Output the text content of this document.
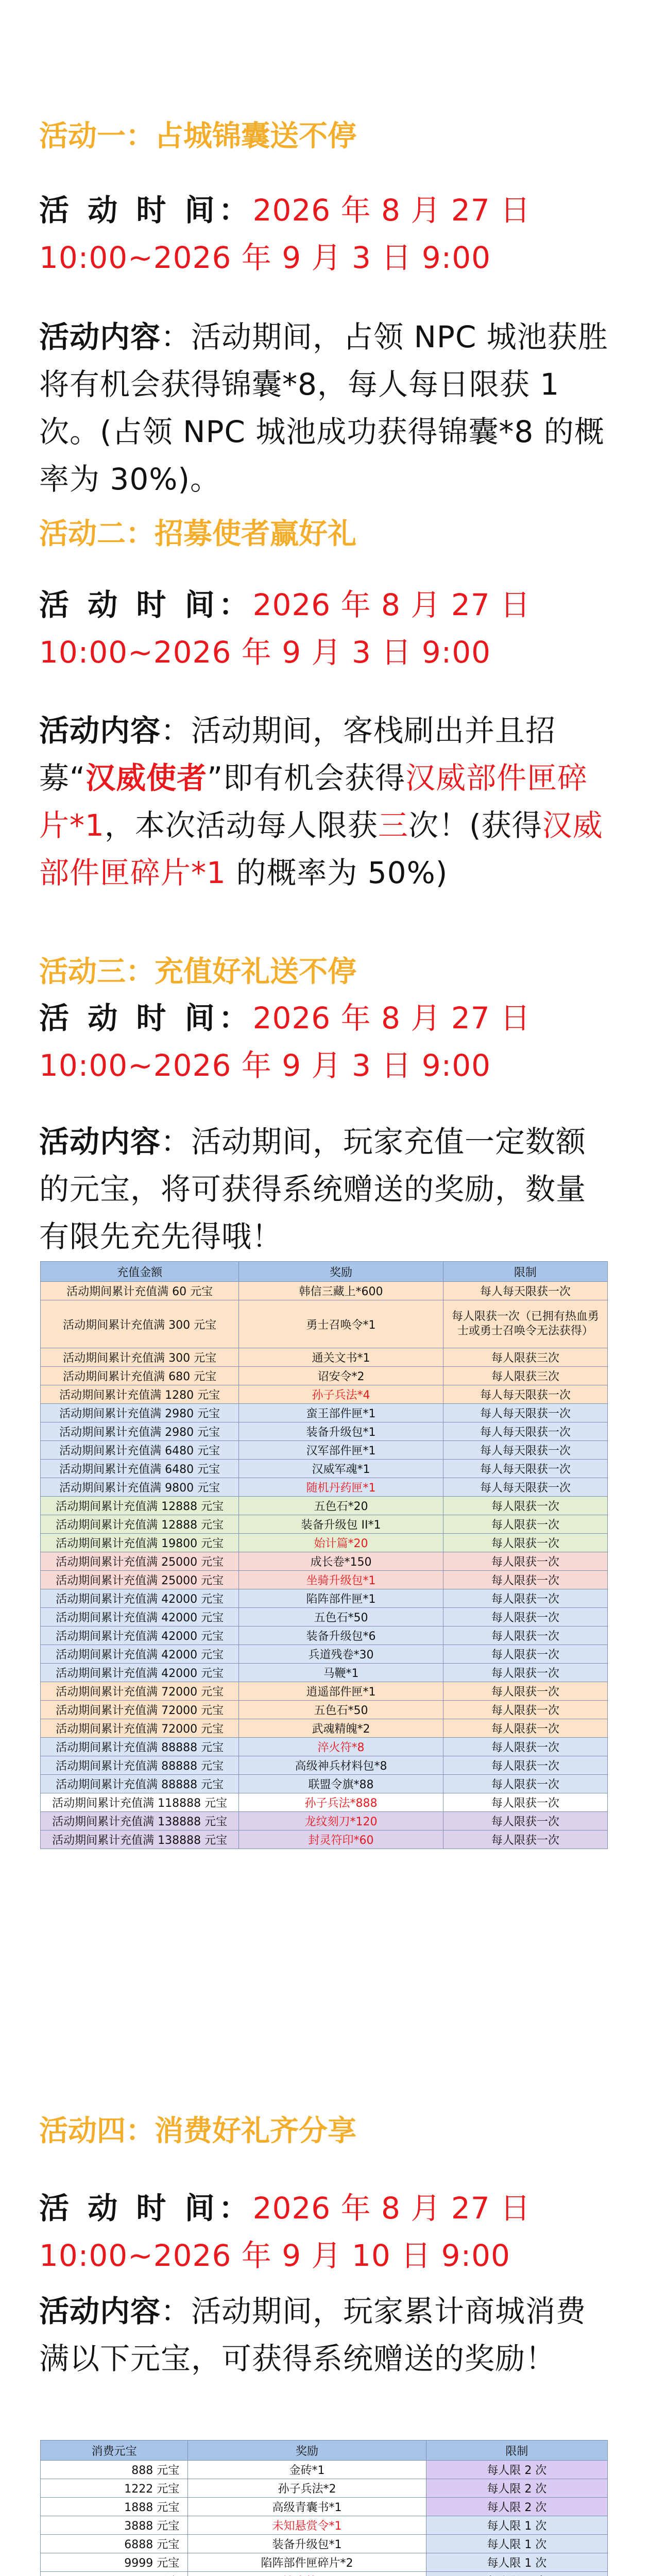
活动一：占城锦囊送不停

活 动 时 间：2026 年 8 月 27 日

10:00~2026 年 9 月 3 日 9:00

活动内容：活动期间，占领 NPC 城池获胜将有机会获得锦囊*8，每人每日限获 1 次。(占领 NPC 城池成功获得锦囊*8 的概率为 30%)。

活动二：招募使者赢好礼

活 动 时 间：2026 年 8 月 27 日

10:00~2026 年 9 月 3 日 9:00

活动内容：活动期间，客栈刷出并且招募“汉威使者”即有机会获得汉威部件匣碎片*1，本次活动每人限获三次！(获得汉威部件匣碎片*1 的概率为 50%)

活动三：充值好礼送不停

活 动 时 间：2026 年 8 月 27 日

10:00~2026 年 9 月 3 日 9:00

活动内容：活动期间，玩家充值一定数额的元宝，将可获得系统赠送的奖励，数量有限先充先得哦！

充值金额	奖励	限制
活动期间累计充值满 60 元宝	韩信三藏上*600	每人每天限获一次
活动期间累计充值满 300 元宝	勇士召唤令*1	每人限获一次（已拥有热血勇士或勇士召唤令无法获得）
活动期间累计充值满 300 元宝	通关文书*1	每人限获三次
活动期间累计充值满 680 元宝	诏安令*2	每人限获三次
活动期间累计充值满 1280 元宝	孙子兵法*4	每人每天限获一次
活动期间累计充值满 2980 元宝	蛮王部件匣*1	每人每天限获一次
活动期间累计充值满 2980 元宝	装备升级包*1	每人每天限获一次
活动期间累计充值满 6480 元宝	汉军部件匣*1	每人每天限获一次
活动期间累计充值满 6480 元宝	汉威军魂*1	每人每天限获一次
活动期间累计充值满 9800 元宝	随机丹药匣*1	每人每天限获一次
活动期间累计充值满 12888 元宝	五色石*20	每人限获一次
活动期间累计充值满 12888 元宝	装备升级包 II*1	每人限获一次
活动期间累计充值满 19800 元宝	始计篇*20	每人限获一次
活动期间累计充值满 25000 元宝	成长卷*150	每人限获一次
活动期间累计充值满 25000 元宝	坐骑升级包*1	每人限获一次
活动期间累计充值满 42000 元宝	陷阵部件匣*1	每人限获一次
活动期间累计充值满 42000 元宝	五色石*50	每人限获一次
活动期间累计充值满 42000 元宝	装备升级包*6	每人限获一次
活动期间累计充值满 42000 元宝	兵道残卷*30	每人限获一次
活动期间累计充值满 42000 元宝	马鞭*1	每人限获一次
活动期间累计充值满 72000 元宝	逍遥部件匣*1	每人限获一次
活动期间累计充值满 72000 元宝	五色石*50	每人限获一次
活动期间累计充值满 72000 元宝	武魂精魄*2	每人限获一次
活动期间累计充值满 88888 元宝	淬火符*8	每人限获一次
活动期间累计充值满 88888 元宝	高级神兵材料包*8	每人限获一次
活动期间累计充值满 88888 元宝	联盟令旗*88	每人限获一次
活动期间累计充值满 118888 元宝	孙子兵法*888	每人限获一次
活动期间累计充值满 138888 元宝	龙纹刻刀*120	每人限获一次
活动期间累计充值满 138888 元宝	封灵符印*60	每人限获一次

活动四：消费好礼齐分享

活 动 时 间：2026 年 8 月 27 日

10:00~2026 年 9 月 10 日 9:00

活动内容：活动期间，玩家累计商城消费满以下元宝，可获得系统赠送的奖励！

消费元宝	奖励	限制
888 元宝	金砖*1	每人限 2 次
1222 元宝	孙子兵法*2	每人限 2 次
1888 元宝	高级青囊书*1	每人限 2 次
3888 元宝	未知悬赏令*1	每人限 1 次
6888 元宝	装备升级包*1	每人限 1 次
9999 元宝	陷阵部件匣碎片*2	每人限 1 次
